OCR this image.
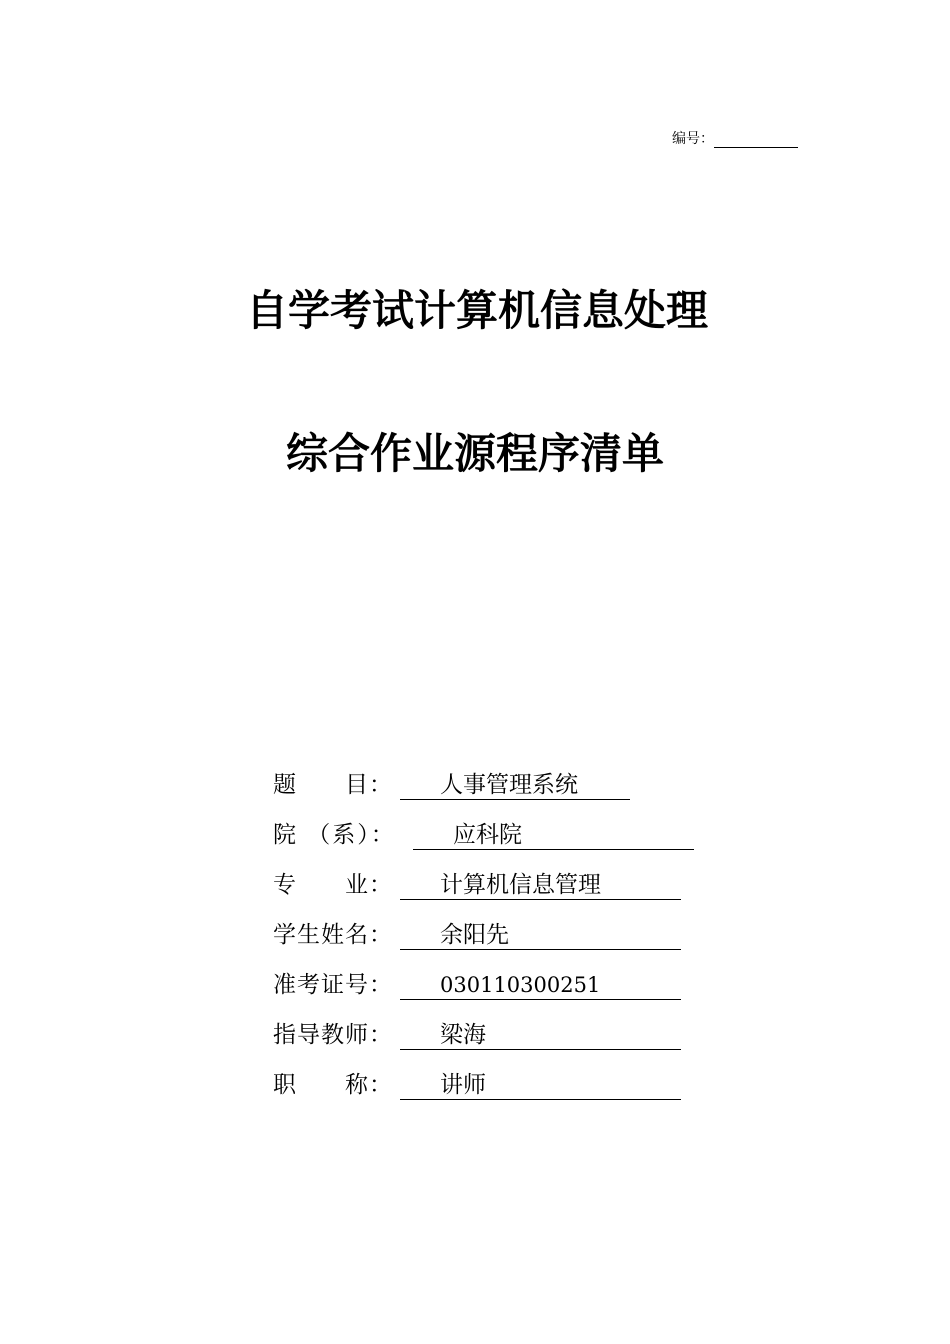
编号：
自学考试计算机信息处理
综合作业源程序清单
题　　目： 人事管理系统
院 （系）： 应科院
专　　业： 计算机信息管理
学生姓名： 余阳先
准考证号： 030110300251
指导教师： 梁海
职　　称： 讲师
